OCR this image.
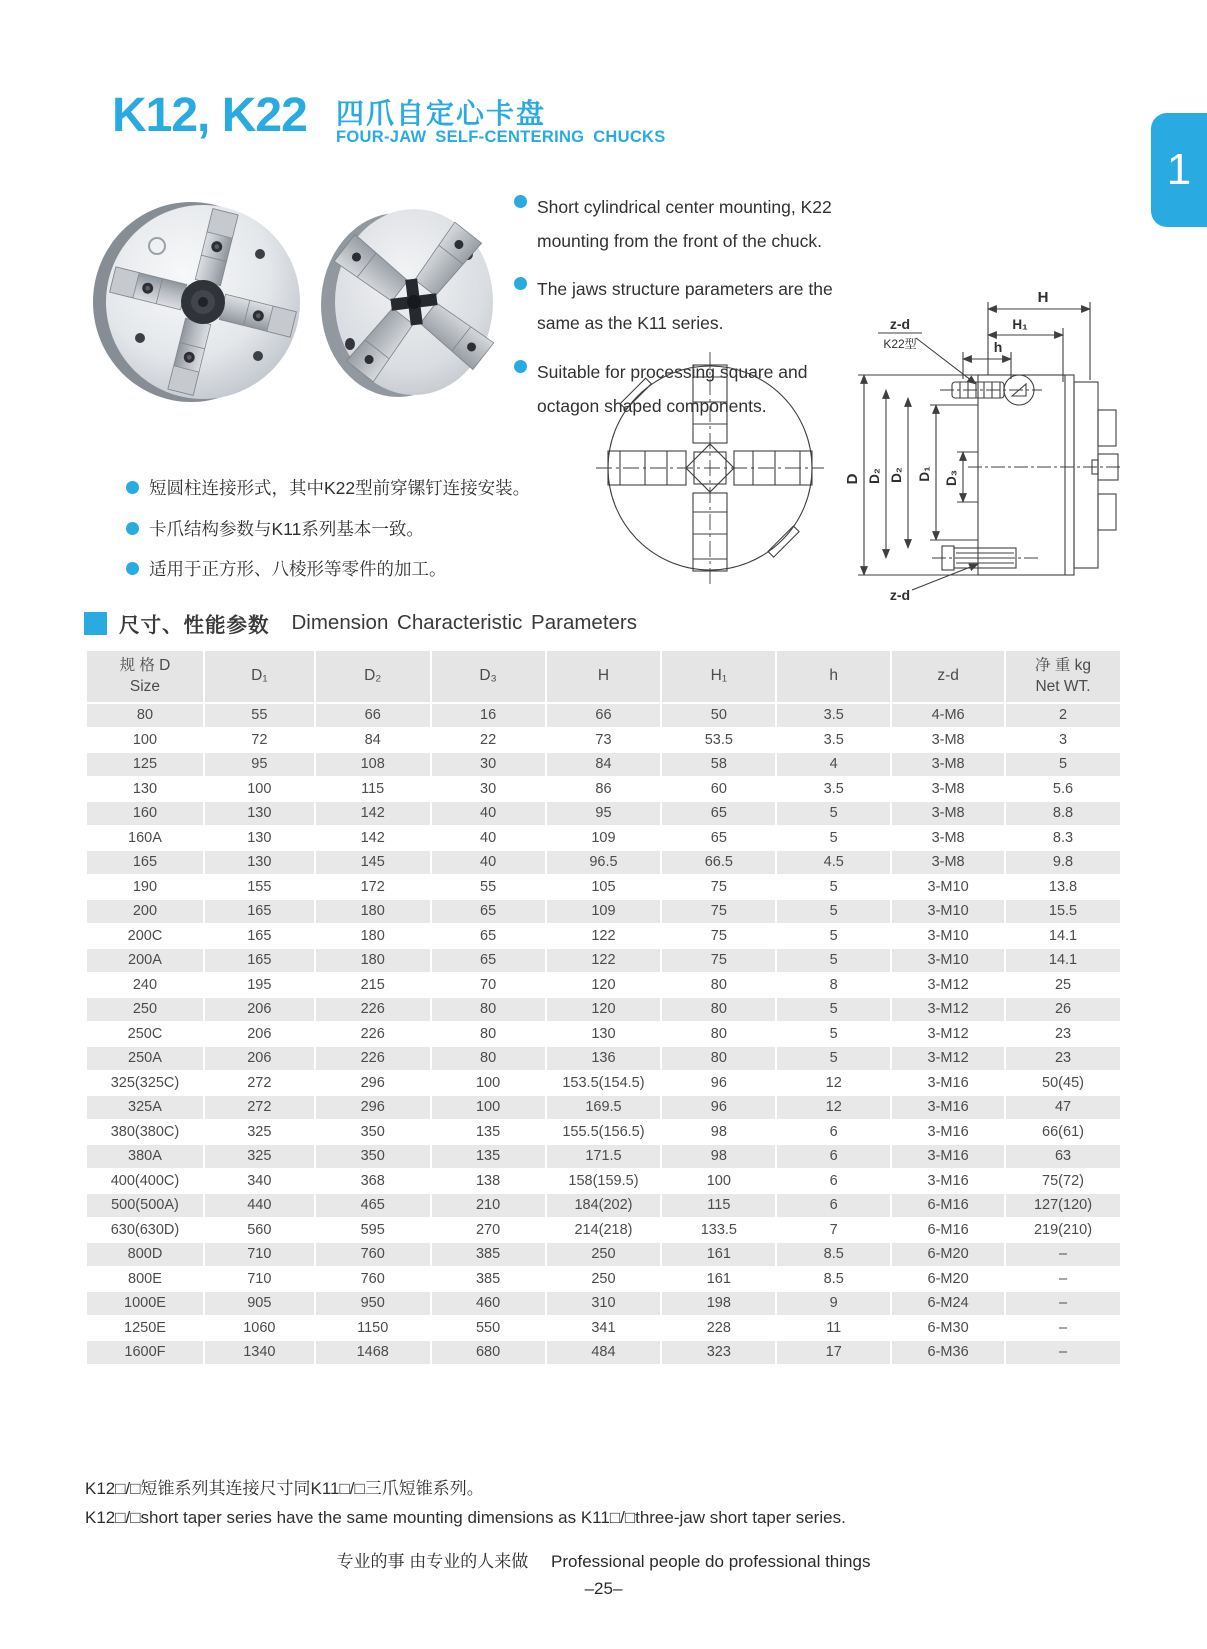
K12, K22 四爪自定心卡盘
FOUR-JAW SELF-CENTERING CHUCKS
1
Short cylindrical center mounting, K22 mounting from the front of the chuck.
The jaws structure parameters are the same as the K11 series.
Suitable for processing square and octagon shaped components.
H
H₁
h
z-d
K22型
D D₂ D₂ D₁ D₃
z-d
短圆柱连接形式，其中K22型前穿镙钉连接安装。
卡爪结构参数与K11系列基本一致。
适用于正方形、八棱形等零件的加工。
尺寸、性能参数 Dimension Characteristic Parameters
规 格 D
Size	D₁	D₂	D₃	H	H₁	h	z-d	净 重 kg
Net WT.
80	55	66	16	66	50	3.5	4-M6	2
100	72	84	22	73	53.5	3.5	3-M8	3
125	95	108	30	84	58	4	3-M8	5
130	100	115	30	86	60	3.5	3-M8	5.6
160	130	142	40	95	65	5	3-M8	8.8
160A	130	142	40	109	65	5	3-M8	8.3
165	130	145	40	96.5	66.5	4.5	3-M8	9.8
190	155	172	55	105	75	5	3-M10	13.8
200	165	180	65	109	75	5	3-M10	15.5
200C	165	180	65	122	75	5	3-M10	14.1
200A	165	180	65	122	75	5	3-M10	14.1
240	195	215	70	120	80	8	3-M12	25
250	206	226	80	120	80	5	3-M12	26
250C	206	226	80	130	80	5	3-M12	23
250A	206	226	80	136	80	5	3-M12	23
325(325C)	272	296	100	153.5(154.5)	96	12	3-M16	50(45)
325A	272	296	100	169.5	96	12	3-M16	47
380(380C)	325	350	135	155.5(156.5)	98	6	3-M16	66(61)
380A	325	350	135	171.5	98	6	3-M16	63
400(400C)	340	368	138	158(159.5)	100	6	3-M16	75(72)
500(500A)	440	465	210	184(202)	115	6	6-M16	127(120)
630(630D)	560	595	270	214(218)	133.5	7	6-M16	219(210)
800D	710	760	385	250	161	8.5	6-M20	–
800E	710	760	385	250	161	8.5	6-M20	–
1000E	905	950	460	310	198	9	6-M24	–
1250E	1060	1150	550	341	228	11	6-M30	–
1600F	1340	1468	680	484	323	17	6-M36	–
K12□/□短锥系列其连接尺寸同K11□/□三爪短锥系列。
K12□/□short taper series have the same mounting dimensions as K11□/□three-jaw short taper series.
专业的事 由专业的人来做 Professional people do professional things
–25–
